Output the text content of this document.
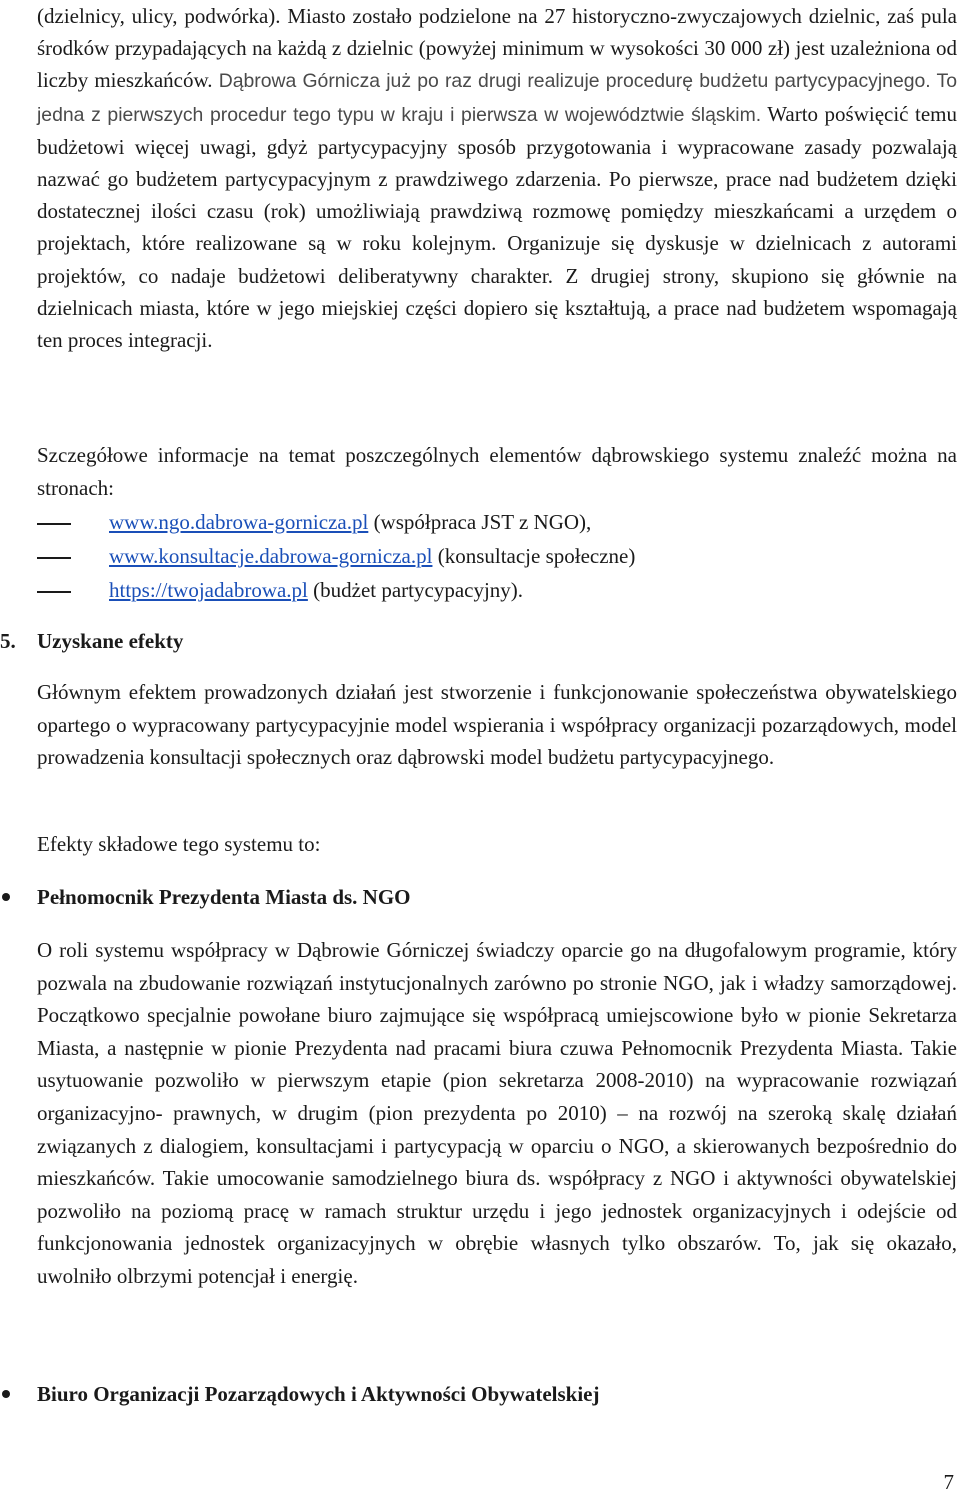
(dzielnicy, ulicy, podwórka). Miasto zostało podzielone na 27 historyczno-zwyczajowych dzielnic, zaś pula środków przypadających na każdą z dzielnic (powyżej minimum w wysokości 30 000 zł) jest uzależniona od liczby mieszkańców. Dąbrowa Górnicza już po raz drugi realizuje procedurę budżetu partycypacyjnego. To jedna z pierwszych procedur tego typu w kraju i pierwsza w województwie śląskim. Warto poświęcić temu budżetowi więcej uwagi, gdyż partycypacyjny sposób przygotowania i wypracowane zasady pozwalają nazwać go budżetem partycypacyjnym z prawdziwego zdarzenia. Po pierwsze, prace nad budżetem dzięki dostatecznej ilości czasu (rok) umożliwiają prawdziwą rozmowę pomiędzy mieszkańcami a urzędem o projektach, które realizowane są w roku kolejnym. Organizuje się dyskusje w dzielnicach z autorami projektów, co nadaje budżetowi deliberatywny charakter. Z drugiej strony, skupiono się głównie na dzielnicach miasta, które w jego miejskiej części dopiero się kształtują, a prace nad budżetem wspomagają ten proces integracji.

Szczegółowe informacje na temat poszczególnych elementów dąbrowskiego systemu znaleźć można na stronach:

www.ngo.dabrowa-gornicza.pl (współpraca JST z NGO),
www.konsultacje.dabrowa-gornicza.pl (konsultacje społeczne)
https://twojadabrowa.pl (budżet partycypacyjny).
5. Uzyskane efekty

Głównym efektem prowadzonych działań jest stworzenie i funkcjonowanie społeczeństwa obywatelskiego opartego o wypracowany partycypacyjnie model wspierania i współpracy organizacji pozarządowych, model prowadzenia konsultacji społecznych oraz dąbrowski model budżetu partycypacyjnego.

Efekty składowe tego systemu to:

Pełnomocnik Prezydenta Miasta ds. NGO

O roli systemu współpracy w Dąbrowie Górniczej świadczy oparcie go na długofalowym programie, który pozwala na zbudowanie rozwiązań instytucjonalnych zarówno po stronie NGO, jak i władzy samorządowej. Początkowo specjalnie powołane biuro zajmujące się współpracą umiejscowione było w pionie Sekretarza Miasta, a następnie w pionie Prezydenta nad pracami biura czuwa Pełnomocnik Prezydenta Miasta. Takie usytuowanie pozwoliło w pierwszym etapie (pion sekretarza 2008-2010) na wypracowanie rozwiązań organizacyjno- prawnych, w drugim (pion prezydenta po 2010) – na rozwój na szeroką skalę działań związanych z dialogiem, konsultacjami i partycypacją w oparciu o NGO, a skierowanych bezpośrednio do mieszkańców. Takie umocowanie samodzielnego biura ds. współpracy z NGO i aktywności obywatelskiej pozwoliło na poziomą pracę w ramach struktur urzędu i jego jednostek organizacyjnych i odejście od funkcjonowania jednostek organizacyjnych w obrębie własnych tylko obszarów. To, jak się okazało, uwolniło olbrzymi potencjał i energię.

Biuro Organizacji Pozarządowych i Aktywności Obywatelskiej
7
